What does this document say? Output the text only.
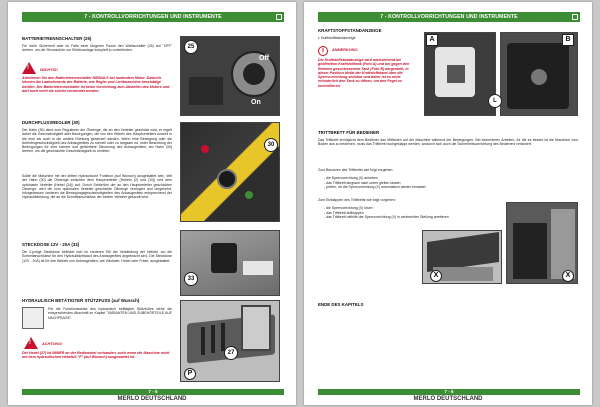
7 - KONTROLLVORRICHTUNGEN UND INSTRUMENTE
BATTERIETRENNSCHALTER (25)
Für mehr Sicherheit oder im Falle einer längeren Pause den Wahlschalter (25) auf "OFF" drehen, um die Stromzufuhr zur Elektroanlage komplett zu unterbinden.
!
WICHTIG!
Abnehmen Sie den Batterietrennschalter NIEMALS bei laufendem Motor. Dadurch können die Ladeelemente der Batterie, wie Regler und Lichtmaschine beschädigt werden. Der Batterietrennschalter ist keine Vorrichtung zum Abstellen des Motors und darf auch nicht als solche verwendet werden.
Off
On
25
DURCHFLUSSREGLER (30)
Der Hahn (30) dient zum Regulieren der Ölmenge, die an den Verteiler geschickt wird, er regelt daher die Geschwindigkeit aller Bewegungen, die von den Hebeln des Hauptverteilers sowohl in die eine als auch in die andere Richtung gesteuert werden. Wenn eine Bewegung oder die Antriebsgeschwindigkeit des Anbaugerätes zu schnell oder zu langsam ist, unter Beachtung der Bedingungen für eine sichere und gefahrfreie Steuerung des Anbaugerätes, am Hahn (30) drehen, um die gewünschte Geschwindigkeit zu erzielen.
Sollte die Maschine mit der dritten hydraulische Funktion (auf Wunsch) ausgestattet sein, teilt der Hahn (30) die Ölmenge zwischen dem Hauptverteiler (Hebeln (2) und (10)) und dem optionalen Verteiler (Hebel (24)) auf. Durch Schließen der an den Hauptverteiler geschickten Ölmenge, wird die zum optionalen Verteiler geschickte Ölmenge verringert und umgekehrt. Infolgedessen variieren die Bewegungsgeschwindigkeiten des Anbaugerätes entsprechend der Hydraulikleistung, die an die Schnellanschlüsse der beiden Verteiler gesandt wird.
30
STECKDOSE 12V - 20A (33)
Die 2-polige Steckdose befindet sich im vorderen Teil der Verkleidung der Hebeln, wo die Schnellanschlüsse für den Hydraulikkreislauf des Anbaugerätes angebracht sind. Die Steckdose (12V - 20A) ist für den Betrieb von Anbaugeräten, wie Häcksler, Hobel oder Fräse, ausgestattet.
33
HYDRAULISCH BETÄTIGTER STÜTZFUSS (auf Wunsch)
Für die Funktionsweise des hydraulisch betätigten Stützfußes siehe die entsprechenden Abschnitt im Kapitel "VARIANTEN UND ZUBEHÖRTEILE AUF NACHFRAGE".
!
ACHTUNG!
Der Hebel (27) ist IMMER an der Bedienebel vorhanden, auch wenn die Maschine nicht mit dem hydraulischen Hebefuß "F" (auf Wunsch) ausgestattet ist.
27
P
7 - 5
MERLO DEUTSCHLAND
7 - KONTROLLVORRICHTUNGEN UND INSTRUMENTE
KRAFTSTOFFSTANDANZEIGE
L Kraftstoffstandanzeige
i	ANMERKUNG:
Die Kraftstoffstandanzeige wird nachstehend bei geöffnetem Kraftstofftank (Foto A) und bei gegen den Rahmen geschlossenem Tank (Foto B) dargestellt, in dieser Position bleibt der Kraftstoffstand über die Sperrvorrichtung sichtbar und daher ist es nicht erforderlich den Tank zu öffnen, um den Pegel zu kontrollieren.
A	B
L
TRITTBRETT FÜR BEDIENER
Das Trittbrett ermöglicht dem Bediener das Mitfahren auf der Maschine während der Bewegungen. Bei besonderen Arbeiten, für die es besser ist die Maschine vom Boden aus zu bedienen, muss das Trittbrett hochgeklappt werden, wodurch sich auch die Sicherheitsvorrichtung des Bedieners verändert.
Zum Benutzen des Trittbretts wie folgt vorgehen:
- die Sperrvorrichtung (X) anheben
- das Trittbrett langsam nach unten gleiten lassen
- prüfen, ob die Sperrvorrichtung (X) automatisch wieder einrastet
Zum Einklappen des Trittbretts wie folgt vorgehen:
- die Sperrvorrichtung (X) lösen
- das Trittbrett aufklappen
- das Trittbrett mithilfe der Sperrvorrichtung (X) in senkrechter Stellung arretieren
X	X
ENDE DES KAPITELS
7 - 6
MERLO DEUTSCHLAND
